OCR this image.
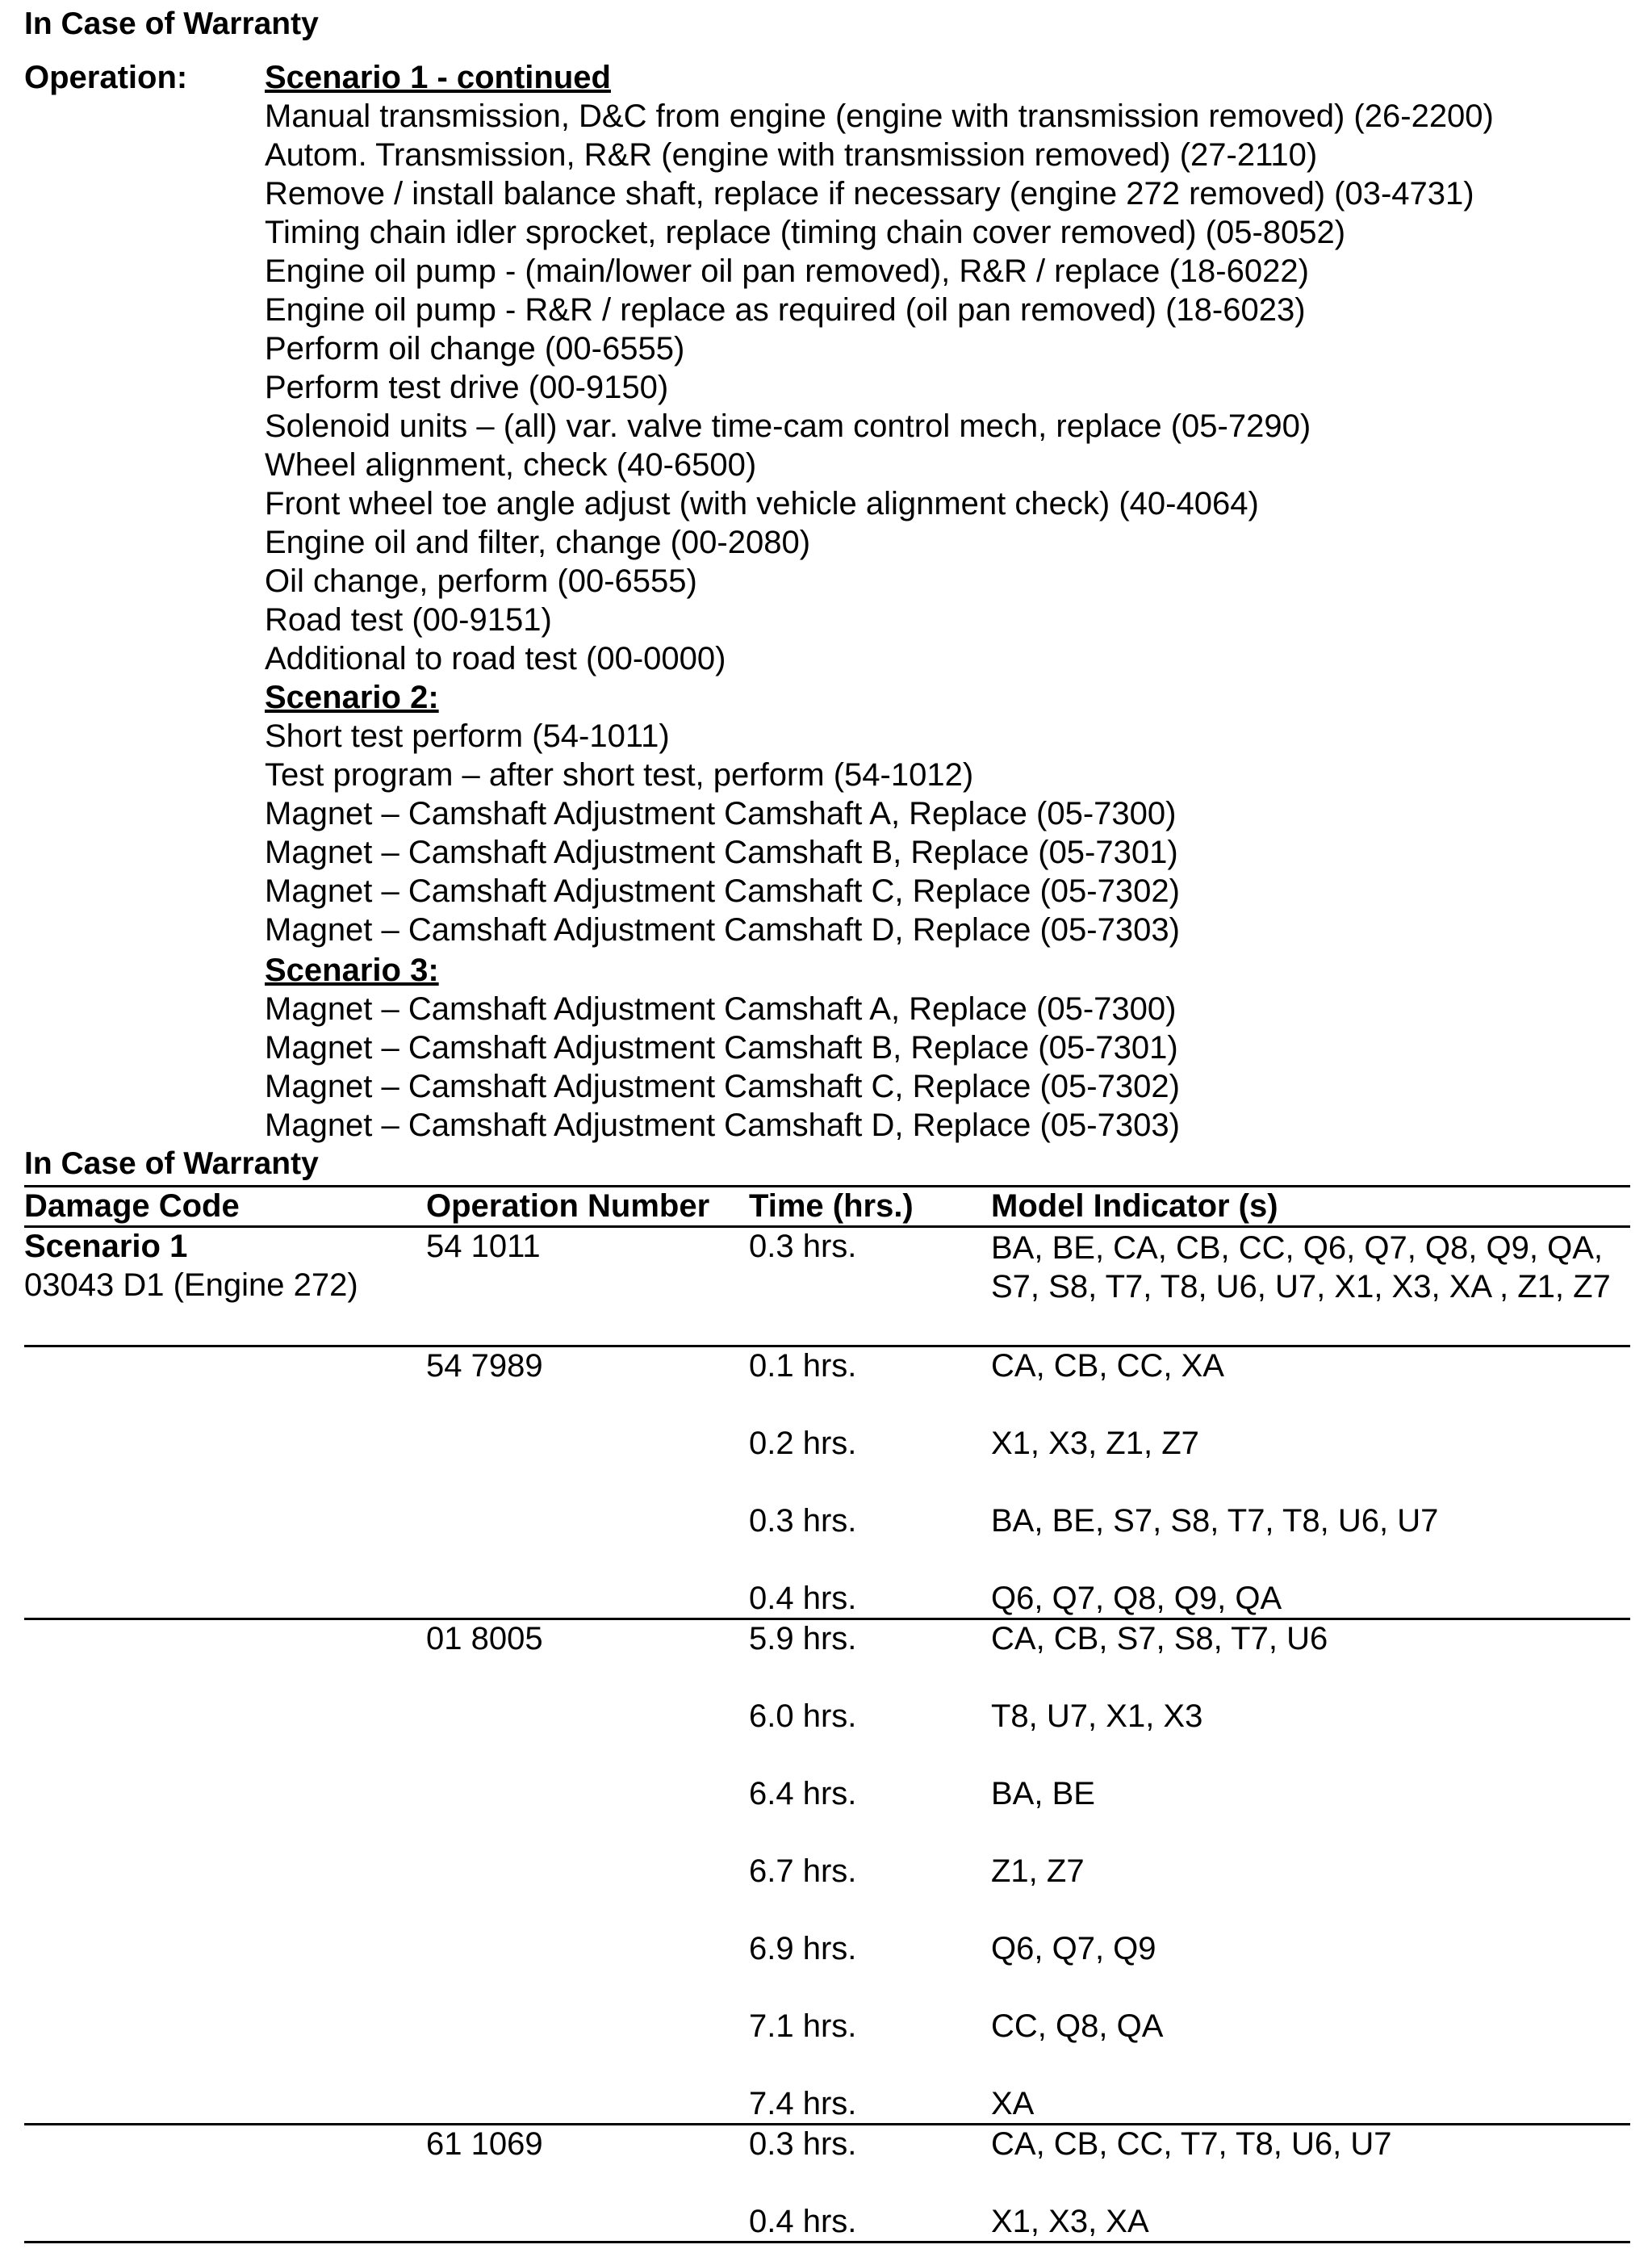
In Case of Warranty
Operation: Scenario 1 - continued
Manual transmission, D&C from engine (engine with transmission removed) (26-2200)
Autom. Transmission, R&R (engine with transmission removed) (27-2110)
Remove / install balance shaft, replace if necessary (engine 272 removed) (03-4731)
Timing chain idler sprocket, replace (timing chain cover removed) (05-8052)
Engine oil pump - (main/lower oil pan removed), R&R / replace (18-6022)
Engine oil pump - R&R / replace as required (oil pan removed) (18-6023)
Perform oil change (00-6555)
Perform test drive (00-9150)
Solenoid units – (all) var. valve time-cam control mech, replace (05-7290)
Wheel alignment, check (40-6500)
Front wheel toe angle adjust (with vehicle alignment check) (40-4064)
Engine oil and filter, change (00-2080)
Oil change, perform (00-6555)
Road test (00-9151)
Additional to road test (00-0000)
Scenario 2:
Short test perform (54-1011)
Test program – after short test, perform (54-1012)
Magnet – Camshaft Adjustment Camshaft A, Replace (05-7300)
Magnet – Camshaft Adjustment Camshaft B, Replace (05-7301)
Magnet – Camshaft Adjustment Camshaft C, Replace (05-7302)
Magnet – Camshaft Adjustment Camshaft D, Replace (05-7303)
Scenario 3:
Magnet – Camshaft Adjustment Camshaft A, Replace (05-7300)
Magnet – Camshaft Adjustment Camshaft B, Replace (05-7301)
Magnet – Camshaft Adjustment Camshaft C, Replace (05-7302)
Magnet – Camshaft Adjustment Camshaft D, Replace (05-7303)
In Case of Warranty
Damage Code	Operation Number Time (hrs.) Model Indicator (s)
Scenario 1
03043 D1 (Engine 272)
54 1011	0.3 hrs.	BA, BE, CA, CB, CC, Q6, Q7, Q8, Q9, QA, S7, S8, T7, T8, U6, U7, X1, X3, XA , Z1, Z7
54 7989	0.1 hrs.	CA, CB, CC, XA
0.2 hrs.	X1, X3, Z1, Z7
0.3 hrs.	BA, BE, S7, S8, T7, T8, U6, U7
0.4 hrs.	Q6, Q7, Q8, Q9, QA
01 8005	5.9 hrs.	CA, CB, S7, S8, T7, U6
6.0 hrs.	T8, U7, X1, X3
6.4 hrs.	BA, BE
6.7 hrs.	Z1, Z7
6.9 hrs.	Q6, Q7, Q9
7.1 hrs.	CC, Q8, QA
7.4 hrs.	XA
61 1069	0.3 hrs.	CA, CB, CC, T7, T8, U6, U7
0.4 hrs.	X1, X3, XA
